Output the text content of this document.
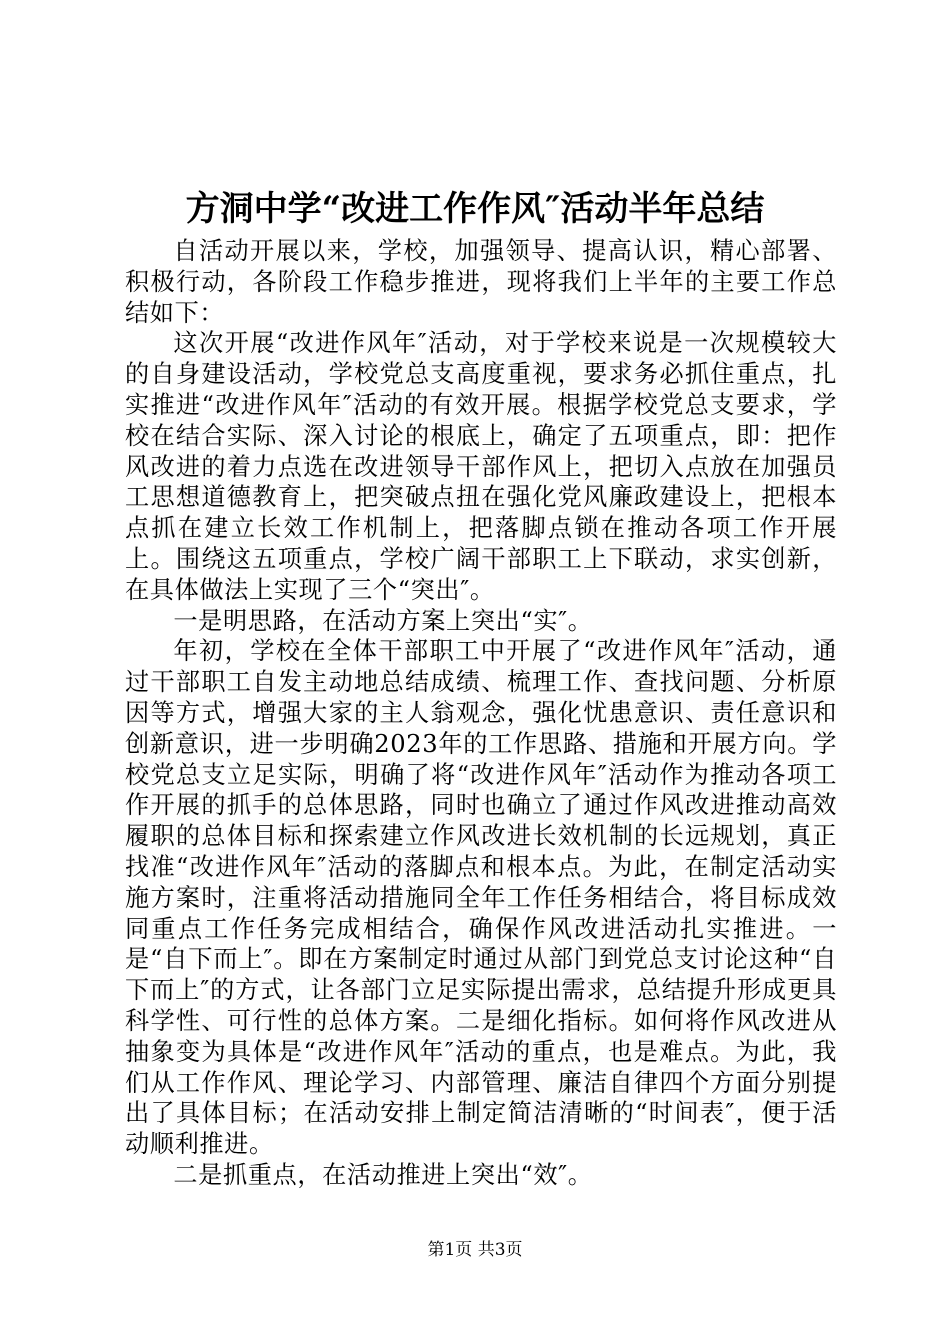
方洞中学“改进工作作风″活动半年总结

自活动开展以来，学校，加强领导、提高认识，精心部署、积极行动，各阶段工作稳步推进，现将我们上半年的主要工作总结如下：

这次开展“改进作风年″活动，对于学校来说是一次规模较大的自身建设活动，学校党总支高度重视，要求务必抓住重点，扎实推进“改进作风年″活动的有效开展。根据学校党总支要求，学校在结合实际、深入讨论的根底上，确定了五项重点，即：把作风改进的着力点选在改进领导干部作风上，把切入点放在加强员工思想道德教育上，把突破点扭在强化党风廉政建设上，把根本点抓在建立长效工作机制上，把落脚点锁在推动各项工作开展上。围绕这五项重点，学校广阔干部职工上下联动，求实创新，在具体做法上实现了三个“突出″。

一是明思路，在活动方案上突出“实″。

年初，学校在全体干部职工中开展了“改进作风年″活动，通过干部职工自发主动地总结成绩、梳理工作、查找问题、分析原因等方式，增强大家的主人翁观念，强化忧患意识、责任意识和创新意识，进一步明确2023年的工作思路、措施和开展方向。学校党总支立足实际，明确了将“改进作风年″活动作为推动各项工作开展的抓手的总体思路，同时也确立了通过作风改进推动高效履职的总体目标和探索建立作风改进长效机制的长远规划，真正找准“改进作风年″活动的落脚点和根本点。为此，在制定活动实施方案时，注重将活动措施同全年工作任务相结合，将目标成效同重点工作任务完成相结合，确保作风改进活动扎实推进。一是“自下而上″。即在方案制定时通过从部门到党总支讨论这种“自下而上″的方式，让各部门立足实际提出需求，总结提升形成更具科学性、可行性的总体方案。二是细化指标。如何将作风改进从抽象变为具体是“改进作风年″活动的重点，也是难点。为此，我们从工作作风、理论学习、内部管理、廉洁自律四个方面分别提出了具体目标；在活动安排上制定简洁清晰的“时间表″，便于活动顺利推进。

二是抓重点，在活动推进上突出“效″。

第1页 共3页
